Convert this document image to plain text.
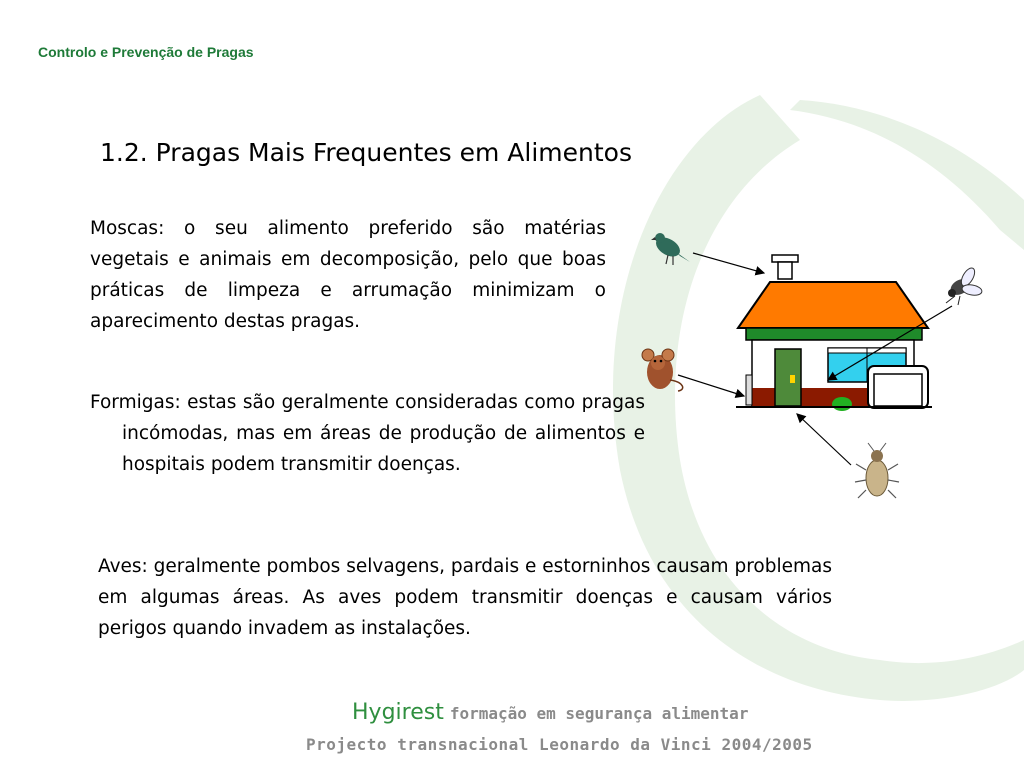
Controlo e Prevenção de Pragas
1.2. Pragas Mais Frequentes em Alimentos
Moscas: o seu alimento preferido são matérias vegetais e animais em decomposição, pelo que boas práticas de limpeza e arrumação minimizam o aparecimento destas pragas.
Formigas: estas são geralmente consideradas como pragas incómodas, mas em áreas de produção de alimentos e hospitais podem transmitir doenças.
Aves: geralmente pombos selvagens, pardais e estorninhos causam problemas em algumas áreas. As aves podem transmitir doenças e causam vários perigos quando invadem as instalações.
Hygirest formação em segurança alimentar
Projecto transnacional Leonardo da Vinci 2004/2005
